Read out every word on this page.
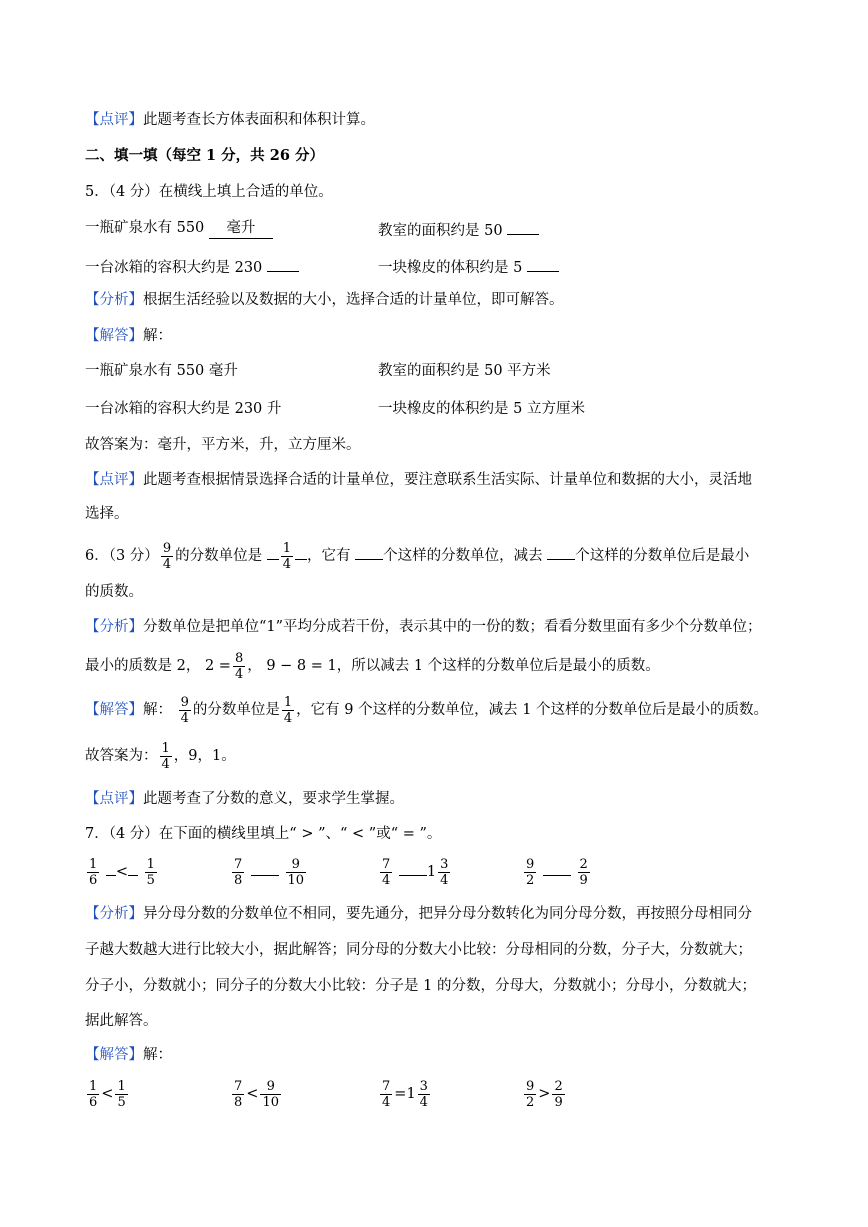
【点评】此题考查长方体表面积和体积计算。
二、填一填（每空 1 分，共 26 分）
5．（4 分）在横线上填上合适的单位。
一瓶矿泉水有 550 毫升	教室的面积约是 50
一台冰箱的容积大约是 230	一块橡皮的体积约是 5
【分析】根据生活经验以及数据的大小，选择合适的计量单位，即可解答。
【解答】解：
一瓶矿泉水有 550 毫升	教室的面积约是 50 平方米
一台冰箱的容积大约是 230 升	一块橡皮的体积约是 5 立方厘米
故答案为：毫升，平方米，升，立方厘米。
【点评】此题考查根据情景选择合适的计量单位，要注意联系生活实际、计量单位和数据的大小，灵活地
选择。
6．（3 分） $\frac{9}{4}$ 的分数单位是 $\frac{1}{4}$ ，它有 个这样的分数单位，减去 个这样的分数单位后是最小
的质数。
【分析】分数单位是把单位“1”平均分成若干份，表示其中的一份的数；看看分数里面有多少个分数单位；
最小的质数是 2， $2 = \frac{8}{4}$ ， 9 − 8 = 1，所以减去 1 个这样的分数单位后是最小的质数。
【解答】解： $\frac{9}{4}$ 的分数单位是 $\frac{1}{4}$ ，它有 9 个这样的分数单位，减去 1 个这样的分数单位后是最小的质数。
故答案为： $\frac{1}{4}$ ，9，1。
【点评】此题考查了分数的意义，要求学生掌握。
7．（4 分）在下面的横线里填上“ > ”、“ < ”或“ = ”。
$\frac{1}{6} < \frac{1}{5}$	$\frac{7}{8}$
	$\frac{9}{10}$	$\frac{7}{4} 1 \frac{3}{4}$	$\frac{9}{2}$
	$\frac{2}{9}$
【分析】异分母分数的分数单位不相同，要先通分，把异分母分数转化为同分母分数，再按照分母相同分
子越大数越大进行比较大小，据此解答；同分母的分数大小比较：分母相同的分数，分子大，分数就大；
分子小，分数就小；同分子的分数大小比较：分子是 1 的分数，分母大，分数就小；分母小，分数就大；
据此解答。
【解答】解：
$\frac{1}{6} < \frac{1}{5}$	$\frac{7}{8} < \frac{9}{10}$	$\frac{7}{4} =1 \frac{3}{4}$	$\frac{9}{2} > \frac{2}{9}$
